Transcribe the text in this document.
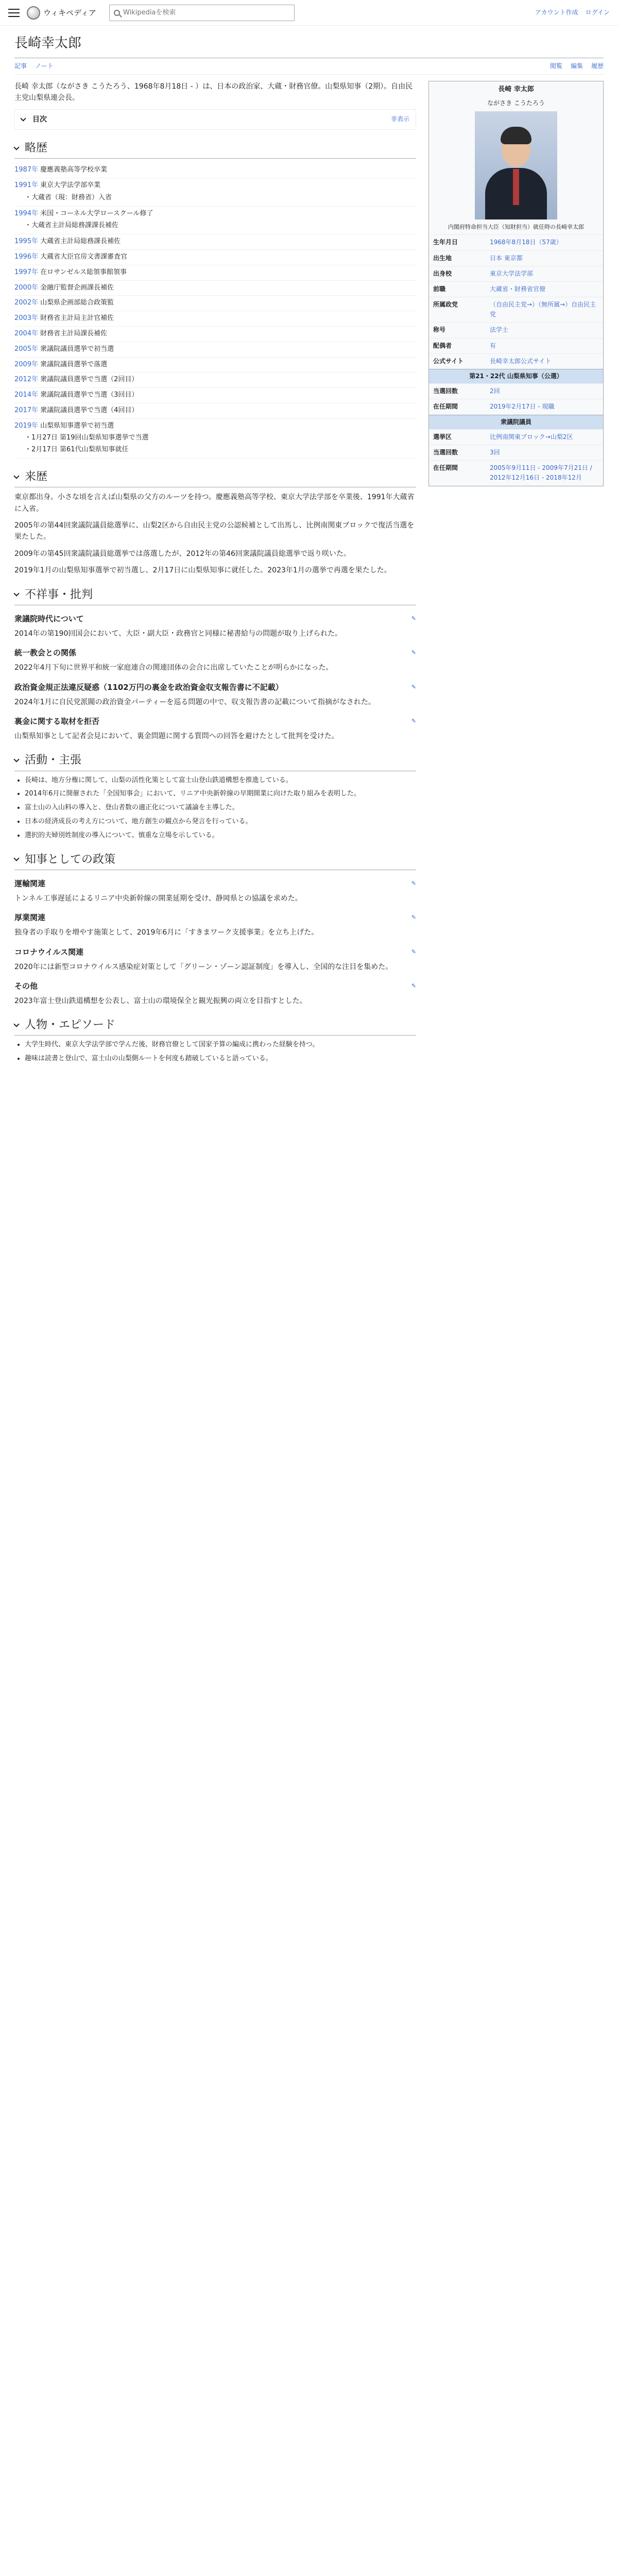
ウィキペディア
Wikipediaを検索	アカウント作成 ログイン
長崎幸太郎
記事 ノート	閲覧 編集 履歴
長崎 幸太郎
ながさき こうたろう
内閣府特命担当大臣（知財担当）就任時の長崎幸太郎
生年月日	1968年8月18日（57歳）
出生地	日本 東京都
出身校	東京大学法学部
前職	大蔵省・財務省官僚
所属政党	（自由民主党→）（無所属→）自由民主党
称号	法学士
配偶者	有
公式サイト	長崎幸太郎公式サイト
第21・22代 山梨県知事（公選）
当選回数	2回
在任期間	2019年2月17日 - 現職
衆議院議員
選挙区	比例南関東ブロック→山梨2区
当選回数	3回
在任期間	2005年9月11日 - 2009年7月21日 / 2012年12月16日 - 2018年12月

長崎 幸太郎（ながさき こうたろう、1968年8月18日 - ）は、日本の政治家、大蔵・財務官僚。山梨県知事（2期）。自由民主党山梨県連会長。

目次	非表示
略歴
1987年 慶應義塾高等学校卒業
1991年 東京大学法学部卒業
・大蔵省（現：財務省）入省
1994年 米国・コーネル大学ロースクール修了
・大蔵省主計局総務課課長補佐
1995年 大蔵省主計局総務課長補佐
1996年 大蔵省大臣官房文書課審査官
1997年 在ロサンゼルス総領事館領事
2000年 金融庁監督企画課長補佐
2002年 山梨県企画部総合政策監
2003年 財務省主計局主計官補佐
2004年 財務省主計局課長補佐
2005年 衆議院議員選挙で初当選
2009年 衆議院議員選挙で落選
2012年 衆議院議員選挙で当選（2回目）
2014年 衆議院議員選挙で当選（3回目）
2017年 衆議院議員選挙で当選（4回目）
2019年 山梨県知事選挙で初当選
・1月27日 第19回山梨県知事選挙で当選
・2月17日 第61代山梨県知事就任
来歴

東京都出身。小さな頃を言えば山梨県の父方のルーツを持つ。慶應義塾高等学校、東京大学法学部を卒業後、1991年大蔵省に入省。

2005年の第44回衆議院議員総選挙に、山梨2区から自由民主党の公認候補として出馬し、比例南関東ブロックで復活当選を果たした。

2009年の第45回衆議院議員総選挙では落選したが、2012年の第46回衆議院議員総選挙で返り咲いた。

2019年1月の山梨県知事選挙で初当選し、2月17日に山梨県知事に就任した。2023年1月の選挙で再選を果たした。

不祥事・批判
衆議院時代について	✎

2014年の第190回国会において、大臣・副大臣・政務官と同様に秘書給与の問題が取り上げられた。

統一教会との関係	✎

2022年4月下旬に世界平和統一家庭連合の関連団体の会合に出席していたことが明らかになった。

政治資金規正法違反疑惑（1102万円の裏金を政治資金収支報告書に不記載）	✎

2024年1月に自民党派閥の政治資金パーティーを巡る問題の中で、収支報告書の記載について指摘がなされた。

裏金に関する取材を拒否	✎

山梨県知事として記者会見において、裏金問題に関する質問への回答を避けたとして批判を受けた。

活動・主張
• 長崎は、地方分権に関して、山梨の活性化策として富士山登山鉄道構想を推進している。
• 2014年6月に開催された「全国知事会」において、リニア中央新幹線の早期開業に向けた取り組みを表明した。
• 富士山の入山料の導入と、登山者数の適正化について議論を主導した。
• 日本の経済成長の考え方について、地方創生の観点から発言を行っている。
• 選択的夫婦別姓制度の導入について、慎重な立場を示している。
知事としての政策
運輸関連	✎

トンネル工事遅延によるリニア中央新幹線の開業延期を受け、静岡県との協議を求めた。

厚業関連	✎

独身者の手取りを増やす施策として、2019年6月に「すきまワーク支援事業」を立ち上げた。

コロナウイルス関連	✎

2020年には新型コロナウイルス感染症対策として「グリーン・ゾーン認証制度」を導入し、全国的な注目を集めた。

その他	✎

2023年富士登山鉄道構想を公表し、富士山の環境保全と観光振興の両立を目指すとした。

人物・エピソード
• 大学生時代、東京大学法学部で学んだ後、財務官僚として国家予算の編成に携わった経験を持つ。
• 趣味は読書と登山で、富士山の山梨側ルートを何度も踏破していると語っている。
